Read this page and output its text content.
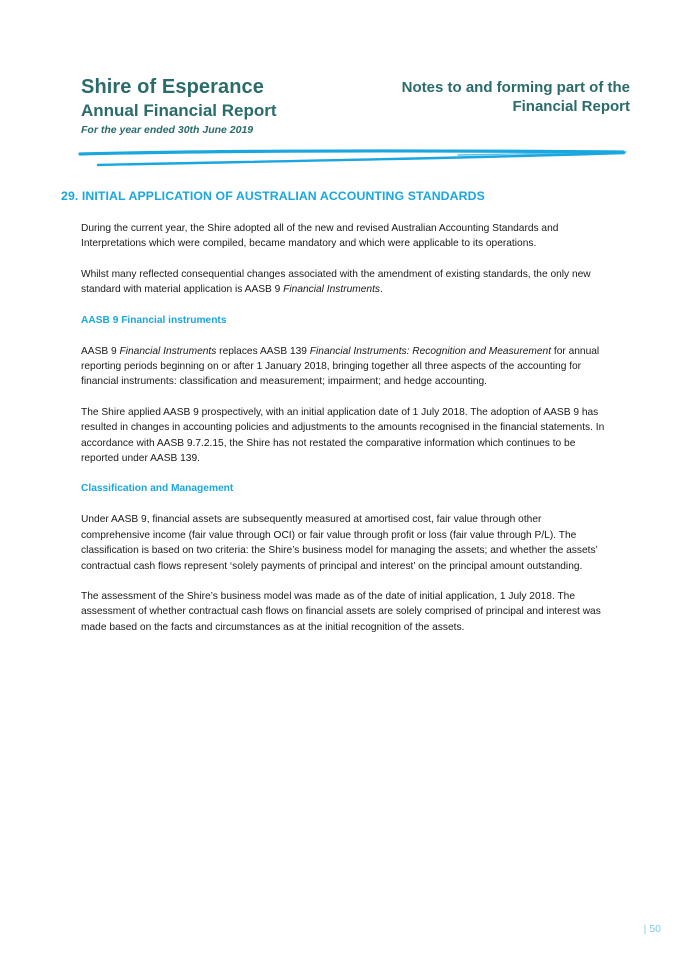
Shire of Esperance
Annual Financial Report
For the year ended 30th June 2019
Notes to and forming part of the
Financial Report
29. INITIAL APPLICATION OF AUSTRALIAN ACCOUNTING STANDARDS

During the current year, the Shire adopted all of the new and revised Australian Accounting Standards and Interpretations which were compiled, became mandatory and which were applicable to its operations.

Whilst many reflected consequential changes associated with the amendment of existing standards, the only new standard with material application is AASB 9 Financial Instruments.

AASB 9 Financial instruments

AASB 9 Financial Instruments replaces AASB 139 Financial Instruments: Recognition and Measurement for annual reporting periods beginning on or after 1 January 2018, bringing together all three aspects of the accounting for financial instruments: classification and measurement; impairment; and hedge accounting.

The Shire applied AASB 9 prospectively, with an initial application date of 1 July 2018. The adoption of AASB 9 has resulted in changes in accounting policies and adjustments to the amounts recognised in the financial statements. In accordance with AASB 9.7.2.15, the Shire has not restated the comparative information which continues to be reported under AASB 139.

Classification and Management

Under AASB 9, financial assets are subsequently measured at amortised cost, fair value through other comprehensive income (fair value through OCI) or fair value through profit or loss (fair value through P/L). The classification is based on two criteria: the Shire’s business model for managing the assets; and whether the assets’ contractual cash flows represent ‘solely payments of principal and interest’ on the principal amount outstanding.

The assessment of the Shire’s business model was made as of the date of initial application, 1 July 2018. The assessment of whether contractual cash flows on financial assets are solely comprised of principal and interest was made based on the facts and circumstances as at the initial recognition of the assets.

| 50
